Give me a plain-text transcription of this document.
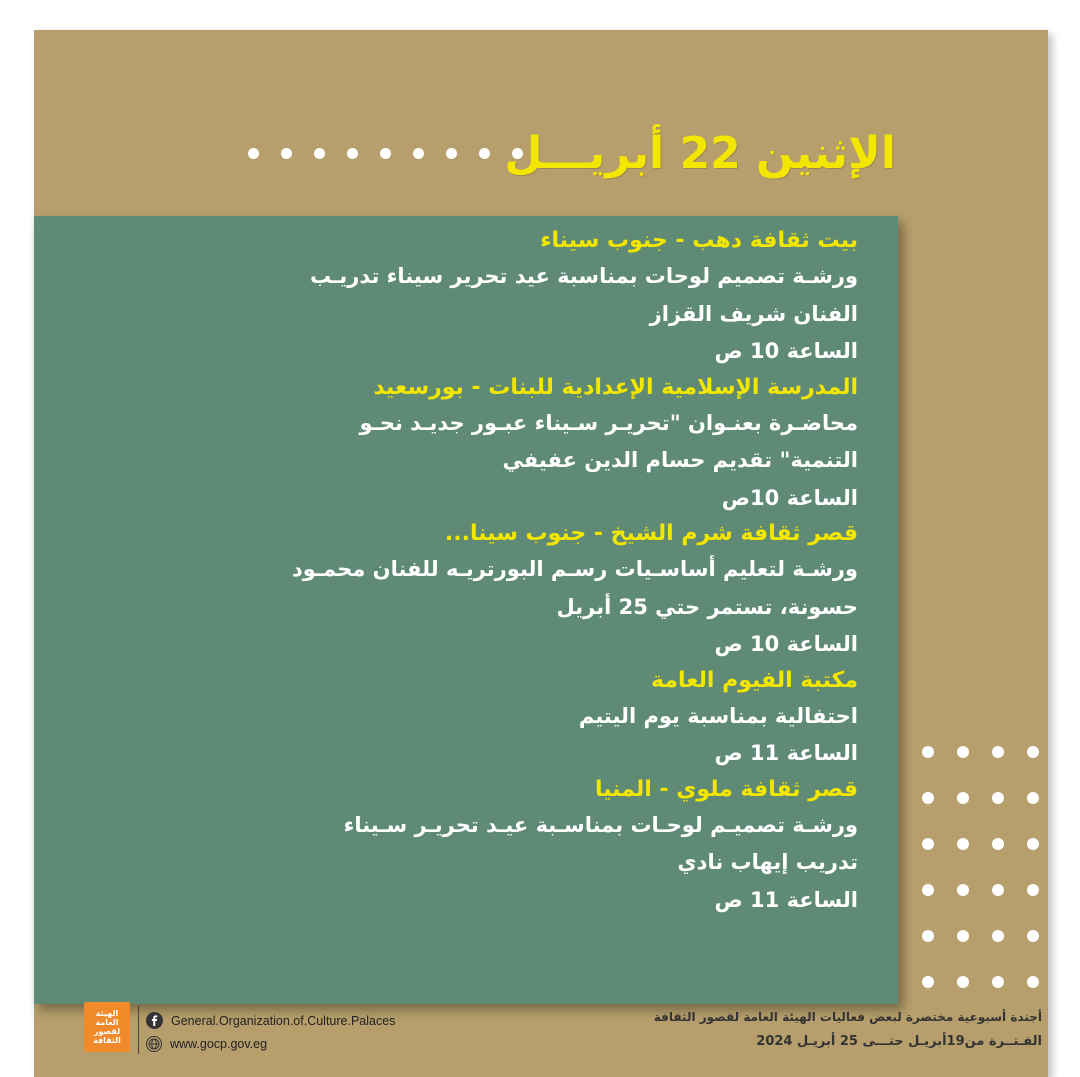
الإثنين 22 أبريـــل

بيت ثقافة دهب - جنوب سيناء

ورشـة تصميم لوحات بمناسبة عيد تحرير سيناء تدريـب

الفنان شريف القزاز

الساعة 10 ص

المدرسة الإسلامية الإعدادية للبنات - بورسعيد

محاضـرة بعنـوان "تحريـر سـيناء عبـور جديـد نحـو

التنمية" تقديم حسام الدين عفيفي

الساعة 10ص

قصر ثقافة شرم الشيخ - جنوب سينا...

ورشـة لتعليم أساسـيات رسـم البورتريـه للفنان محمـود

حسونة، تستمر حتي 25 أبريل

الساعة 10 ص

مكتبة الفيوم العامة

احتفالية بمناسبة يوم اليتيم

الساعة 11 ص

قصر ثقافة ملوي - المنيا

ورشـة تصميـم لوحـات بمناسـبة عيـد تحريـر سـيناء

تدريب إيهاب نادي

الساعة 11 ص

الهيئة
العامة
لقصور
الثقافة
General.Organization.of.Culture.Palaces
www.gocp.gov.eg
أجندة أسبوعية مختصرة لبعض فعاليات الهيئة العامة لقصور الثقافة
الفـتــرة من19أبريـل حتـــى 25 أبريـل 2024
